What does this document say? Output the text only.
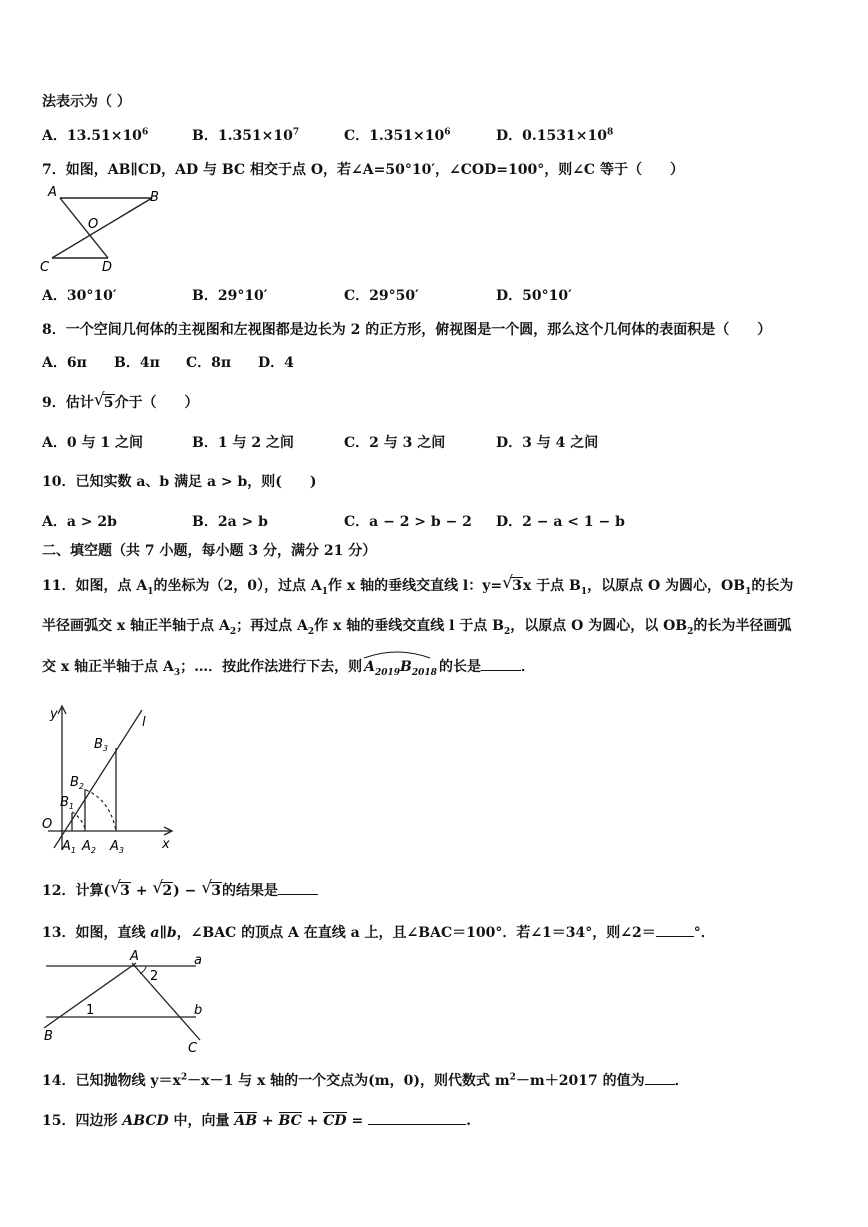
法表示为（ ）
A．$13.51\times 10^6$	B．$1.351\times 10^7$	C．$1.351\times 10^6$	D．$0.1531\times 10^8$
7．如图，AB∥CD，AD 与 BC 相交于点 O，若∠A=50°10′，∠COD=100°，则∠C 等于（　　）
A	B
O
C	D
A．30°10′	B．29°10′	C．29°50′	D．50°10′
8．一个空间几何体的主视图和左视图都是边长为 2 的正方形，俯视图是一个圆，那么这个几何体的表面积是（　　）
A．6π B．4π C．8π D．4
9．估计 √ 5介于（　　）
A．0 与 1 之间	B．1 与 2 之间	C．2 与 3 之间	D．3 与 4 之间
10．已知实数 a、b 满足 a > b，则(　　)
A．a > 2b	B．2a > b	C．a − 2 > b − 2 D．2 − a < 1 − b
二、填空题（共 7 小题，每小题 3 分，满分 21 分）
11．如图，点 $A_1$的坐标为（2，0），过点 $A_1$作 x 轴的垂线交直线 l：y= √ 3x 于点 $B_1$，以原点 O 为圆心，$OB_1$的长为
半径画弧交 x 轴正半轴于点 $A_2$；再过点 $A_2$作 x 轴的垂线交直线 l 于点 $B_2$，以原点 O 为圆心，以 $OB_2$的长为半径画弧
交 x 轴正半轴于点 $A_3$；…．按此作法进行下去，则 $A_{2019}B_{2018}$ 的长是	．
y
x
l
O
$B_3$
$B_2$
$B_1$
$A_1$ $A_2$ $A_3$
12．计算( √ 3 + √ 2) − √ 3的结果是
13．如图，直线 a∥b，∠BAC 的顶点 A 在直线 a 上，且∠BAC＝100°．若∠1＝34°，则∠2＝	°．
A	a
2
1	b
B
C
14．已知抛物线 $y=x^2-x-1$ 与 x 轴的一个交点为(m，0)，则代数式 $m^2-m+2017$ 的值为 ．
15．四边形 ABCD 中，向量 AB + BC + CD =	.
